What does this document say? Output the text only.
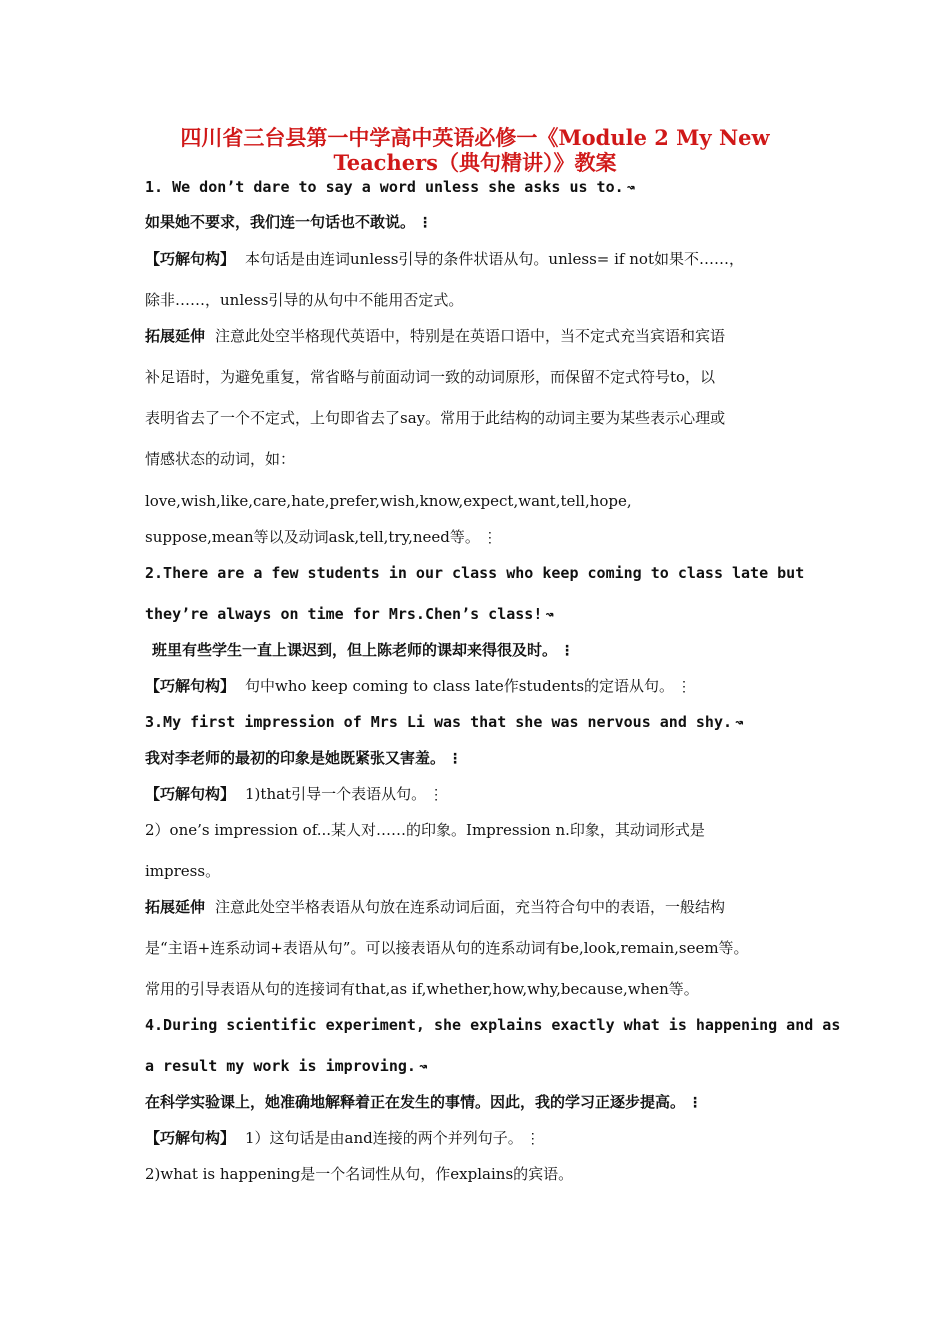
四川省三台县第一中学高中英语必修一《Module 2 My New
Teachers（典句精讲）》教案
1. We don’t dare to say a word unless she asks us to. ↝
如果她不要求，我们连一句话也不敢说。 ⋮
【巧解句构】 本句话是由连词unless引导的条件状语从句。unless= if not如果不……，
除非……，unless引导的从句中不能用否定式。
拓展延伸 注意此处空半格现代英语中，特别是在英语口语中，当不定式充当宾语和宾语
补足语时，为避免重复，常省略与前面动词一致的动词原形，而保留不定式符号to，以
表明省去了一个不定式，上句即省去了say。常用于此结构的动词主要为某些表示心理或
情感状态的动词，如：
love,wish,like,care,hate,prefer,wish,know,expect,want,tell,hope,
suppose,mean等以及动词ask,tell,try,need等。 ⋮
2.There are a few students in our class who keep coming to class late but
they’re always on time for Mrs.Chen’s class! ↝
班里有些学生一直上课迟到，但上陈老师的课却来得很及时。 ⋮
【巧解句构】 句中who keep coming to class late作students的定语从句。 ⋮
3.My first impression of Mrs Li was that she was nervous and shy. ↝
我对李老师的最初的印象是她既紧张又害羞。 ⋮
【巧解句构】 1)that引导一个表语从句。 ⋮
2）one’s impression of...某人对……的印象。Impression n.印象，其动词形式是
impress。
拓展延伸 注意此处空半格表语从句放在连系动词后面，充当符合句中的表语，一般结构
是“主语+连系动词+表语从句”。可以接表语从句的连系动词有be,look,remain,seem等。
常用的引导表语从句的连接词有that,as if,whether,how,why,because,when等。
4.During scientific experiment, she explains exactly what is happening and as
a result my work is improving. ↝
在科学实验课上，她准确地解释着正在发生的事情。因此，我的学习正逐步提高。 ⋮
【巧解句构】 1）这句话是由and连接的两个并列句子。 ⋮
2)what is happening是一个名词性从句，作explains的宾语。
